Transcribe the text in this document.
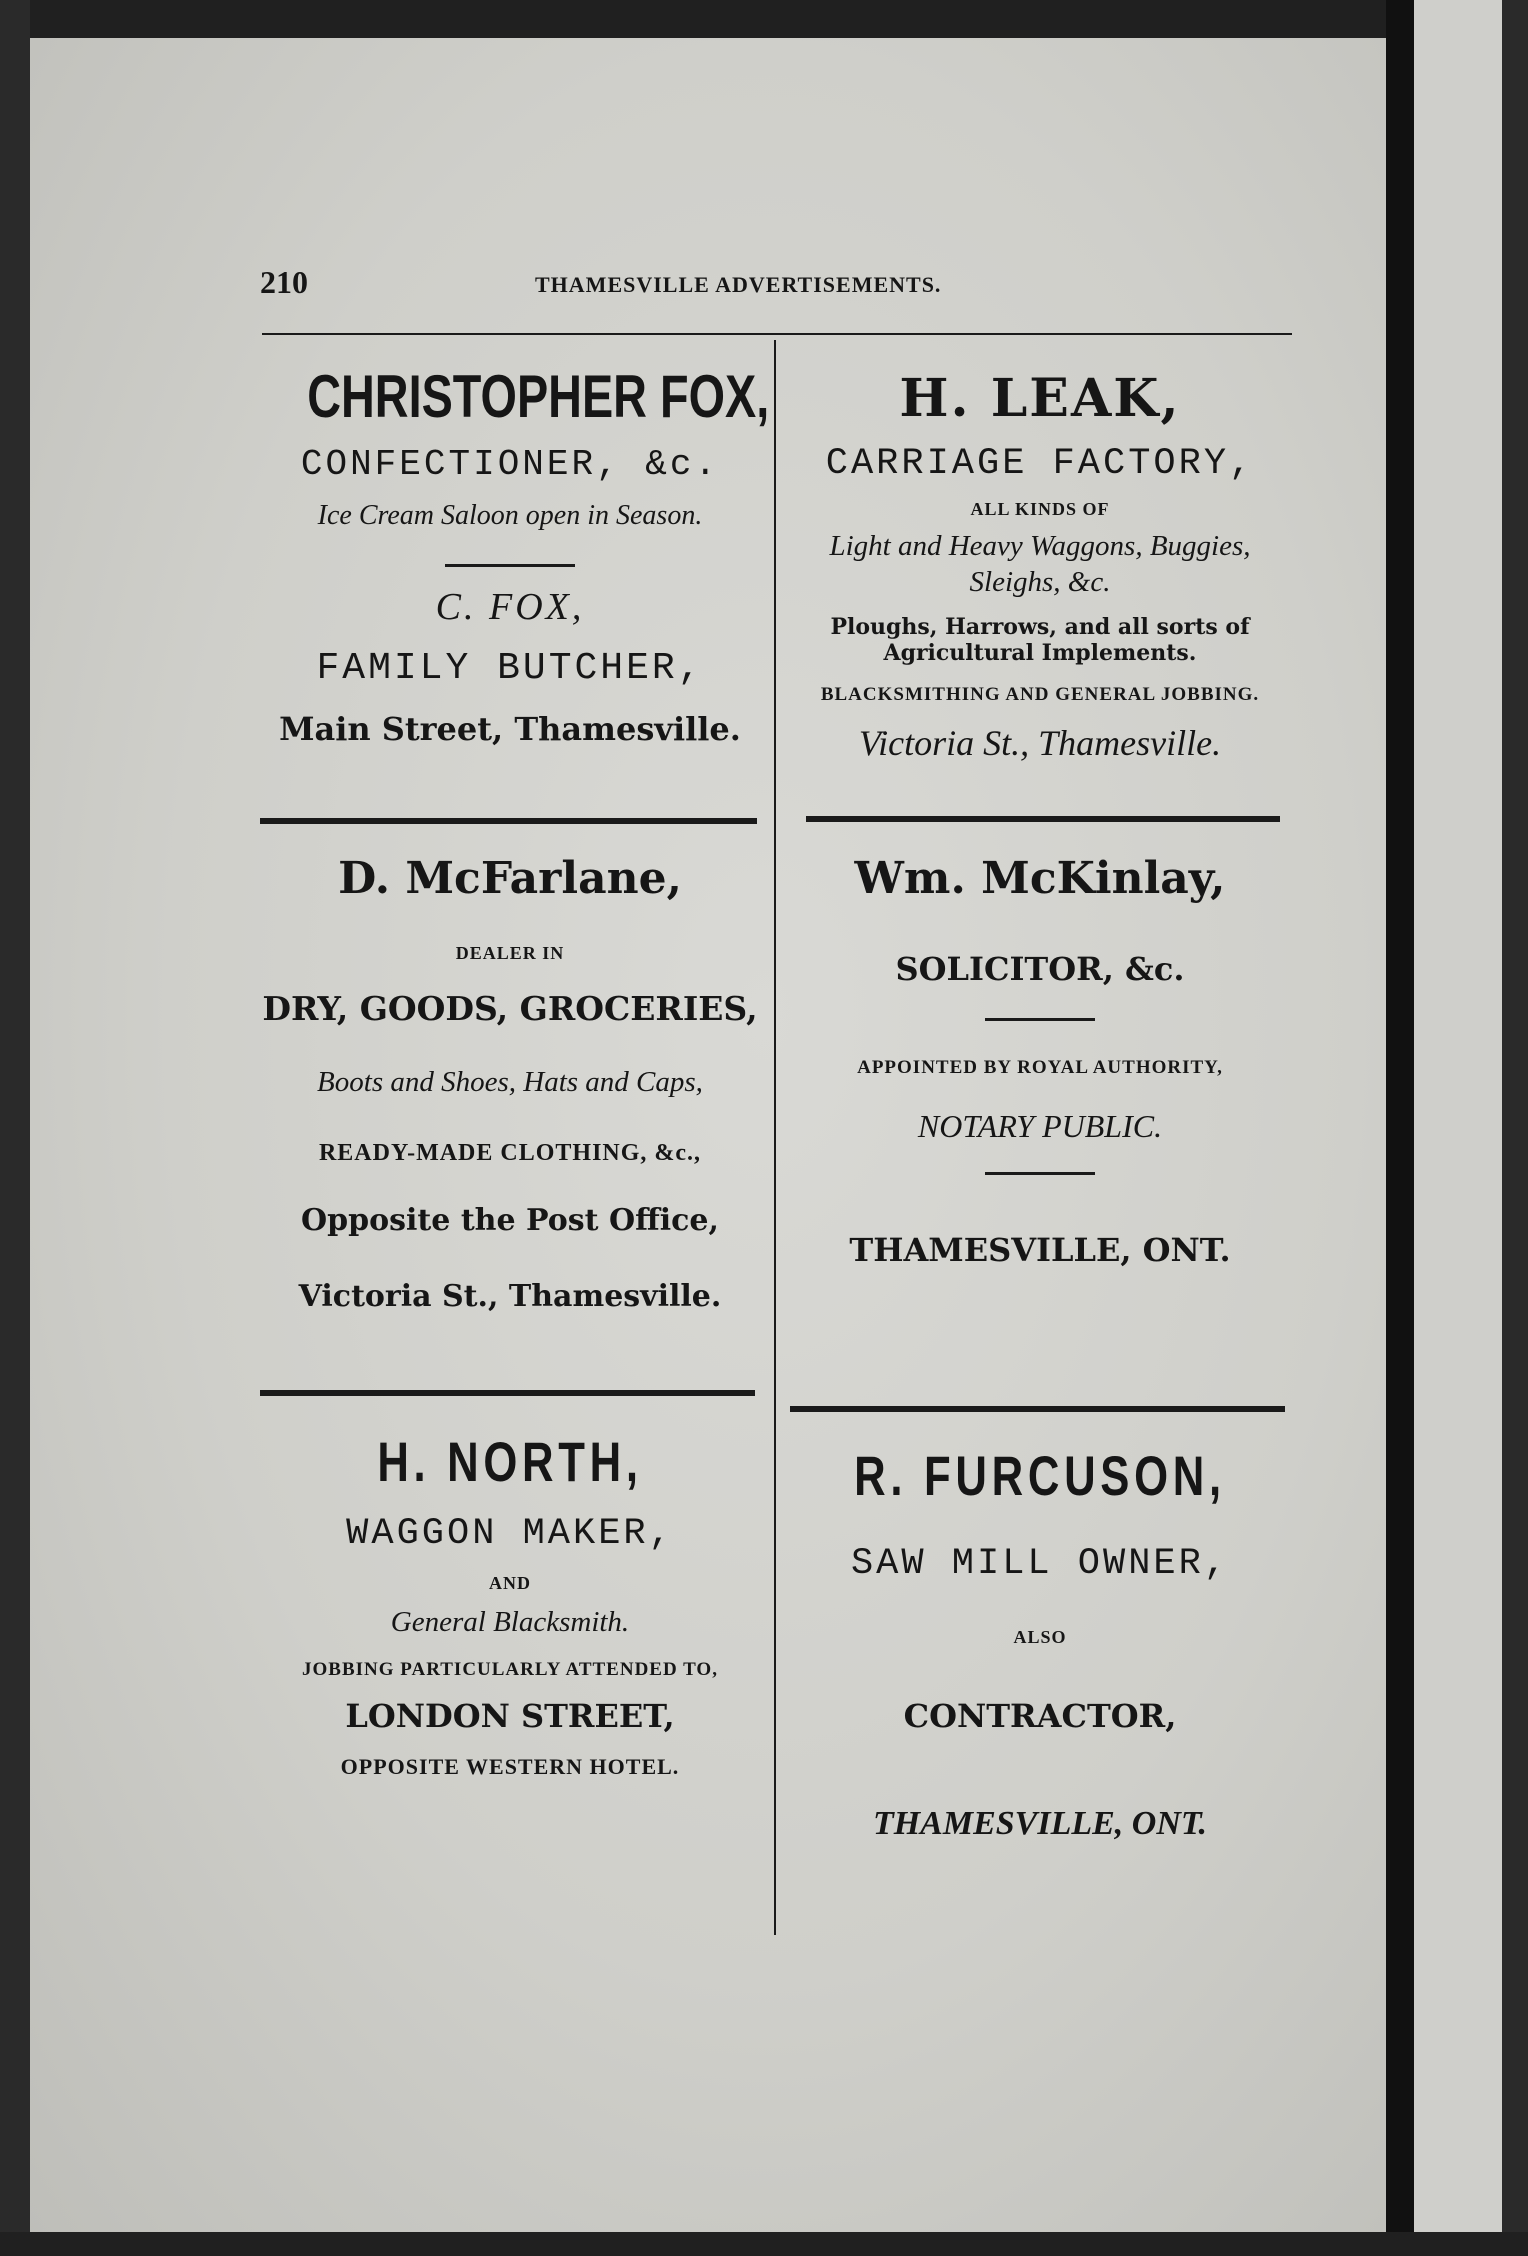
210	THAMESVILLE ADVERTISEMENTS.
CHRISTOPHER FOX,
CONFECTIONER, &c.
Ice Cream Saloon open in Season.
C. FOX,
FAMILY BUTCHER,
Main Street, Thamesville.
H. LEAK,
CARRIAGE FACTORY,
ALL KINDS OF
Light and Heavy Waggons, Buggies,
Sleighs, &c.
Ploughs, Harrows, and all sorts of
Agricultural Implements.
BLACKSMITHING AND GENERAL JOBBING.
Victoria St., Thamesville.
D. McFarlane,
DEALER IN
DRY, GOODS, GROCERIES,
Boots and Shoes, Hats and Caps,
READY-MADE CLOTHING, &c.,
Opposite the Post Office,
Victoria St., Thamesville.
Wm. McKinlay,
SOLICITOR, &c.
APPOINTED BY ROYAL AUTHORITY,
NOTARY PUBLIC.
THAMESVILLE, ONT.
H. NORTH,
WAGGON MAKER,
AND
General Blacksmith.
JOBBING PARTICULARLY ATTENDED TO,
LONDON STREET,
OPPOSITE WESTERN HOTEL.
R. FURCUSON,
SAW MILL OWNER,
ALSO
CONTRACTOR,
THAMESVILLE, ONT.
